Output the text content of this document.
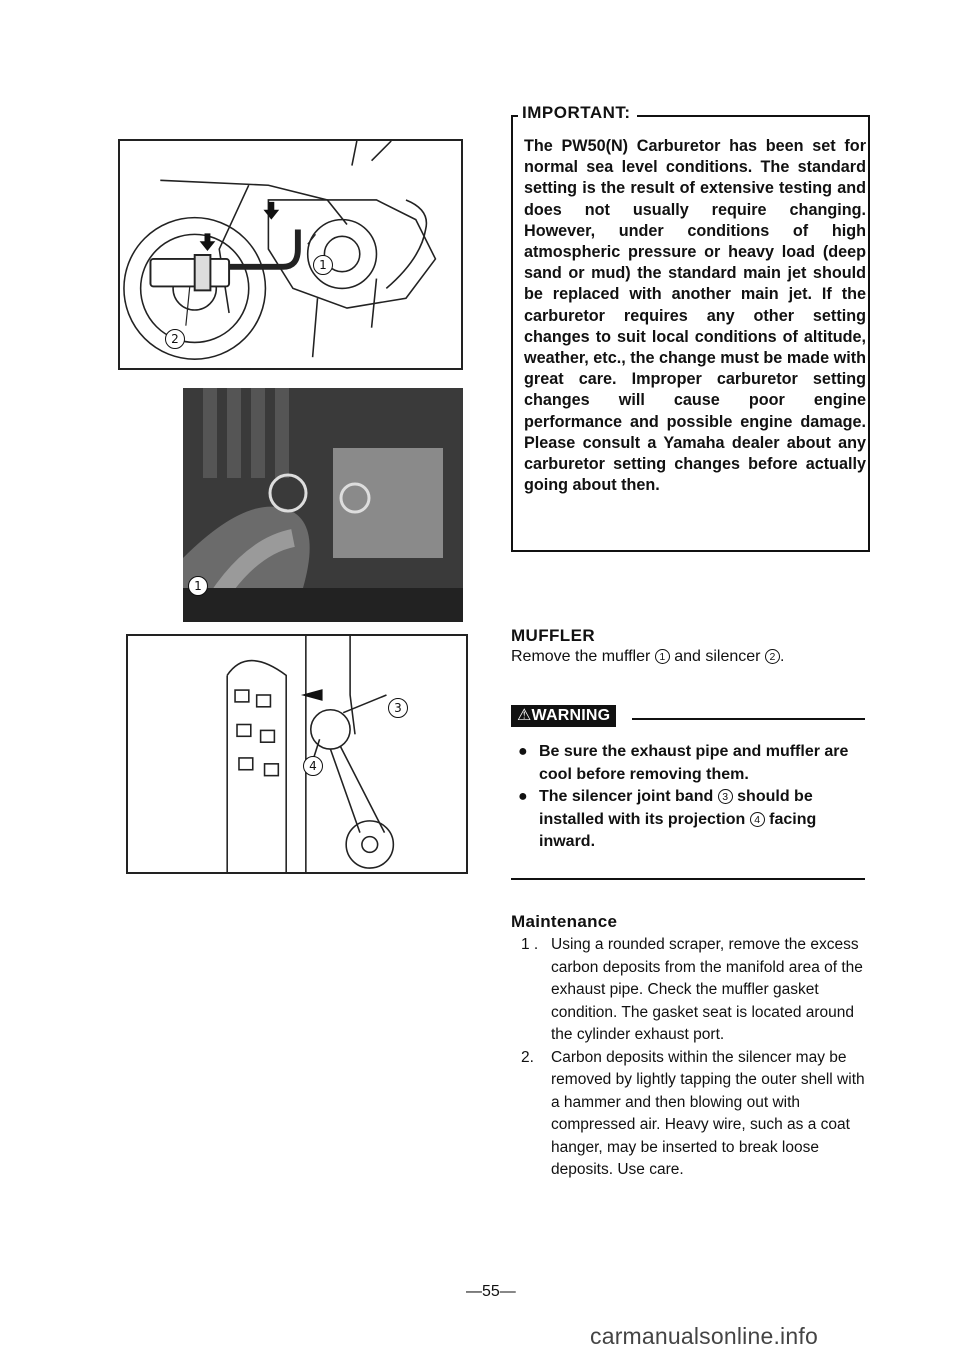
1
2
1
3
4
IMPORTANT:
The PW50(N) Carburetor has been set for normal sea level conditions. The standard setting is the result of extensive testing and does not usually require changing. However, under conditions of high atmospheric pressure or heavy load (deep sand or mud) the standard main jet should be replaced with another main jet. If the carburetor requires any other setting changes to suit local conditions of altitude, weather, etc., the change must be made with great care. Improper carburetor setting changes will cause poor engine performance and possible engine damage. Please consult a Yamaha dealer about any carburetor setting changes before actually going about then.
MUFFLER
Remove the muffler 1 and silencer 2 .
⚠WARNING
● Be sure the exhaust pipe and muffler are cool before removing them.
● The silencer joint band 3 should be installed with its projection 4 facing inward.
Maintenance
1 . Using a rounded scraper, remove the excess carbon deposits from the manifold area of the exhaust pipe. Check the muffler gasket condition. The gasket seat is located around the cylinder exhaust port.
2. Carbon deposits within the silencer may be removed by lightly tapping the outer shell with a hammer and then blowing out with compressed air. Heavy wire, such as a coat hanger, may be inserted to break loose deposits. Use care.
—55—
carmanualsonline.info
